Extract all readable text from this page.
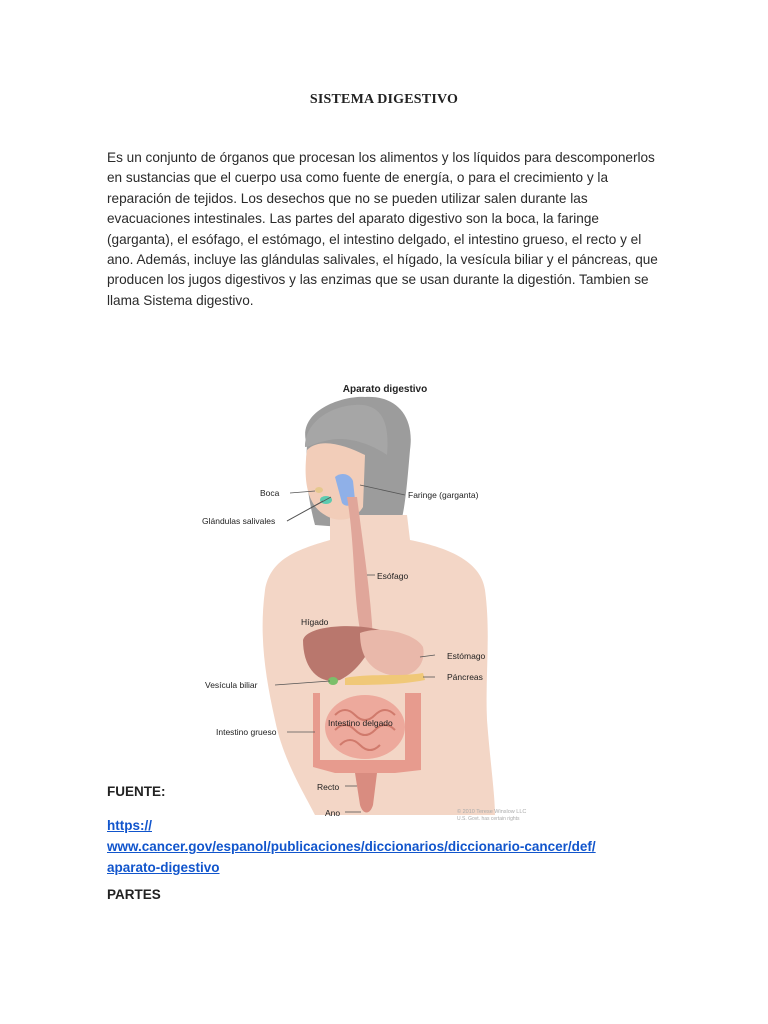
SISTEMA DIGESTIVO

Es un conjunto de órganos que procesan los alimentos y los líquidos para descomponerlos en sustancias que el cuerpo usa como fuente de energía, o para el crecimiento y la reparación de tejidos. Los desechos que no se pueden utilizar salen durante las evacuaciones intestinales. Las partes del aparato digestivo son la boca, la faringe (garganta), el esófago, el estómago, el intestino delgado, el intestino grueso, el recto y el ano. Además, incluye las glándulas salivales, el hígado, la vesícula biliar y el páncreas, que producen los jugos digestivos y las enzimas que se usan durante la digestión. Tambien se llama Sistema digestivo.

Aparato digestivo
Boca
Glándulas salivales
Faringe (garganta)
Esófago
Hígado
Estómago
Vesícula biliar
Páncreas
Intestino grueso
Intestino delgado
Recto
Ano	© 2010 Terese Winslow LLC
U.S. Govt. has certain rights
FUENTE:
https://
www.cancer.gov/espanol/publicaciones/diccionarios/diccionario-cancer/def/
aparato-digestivo
PARTES
